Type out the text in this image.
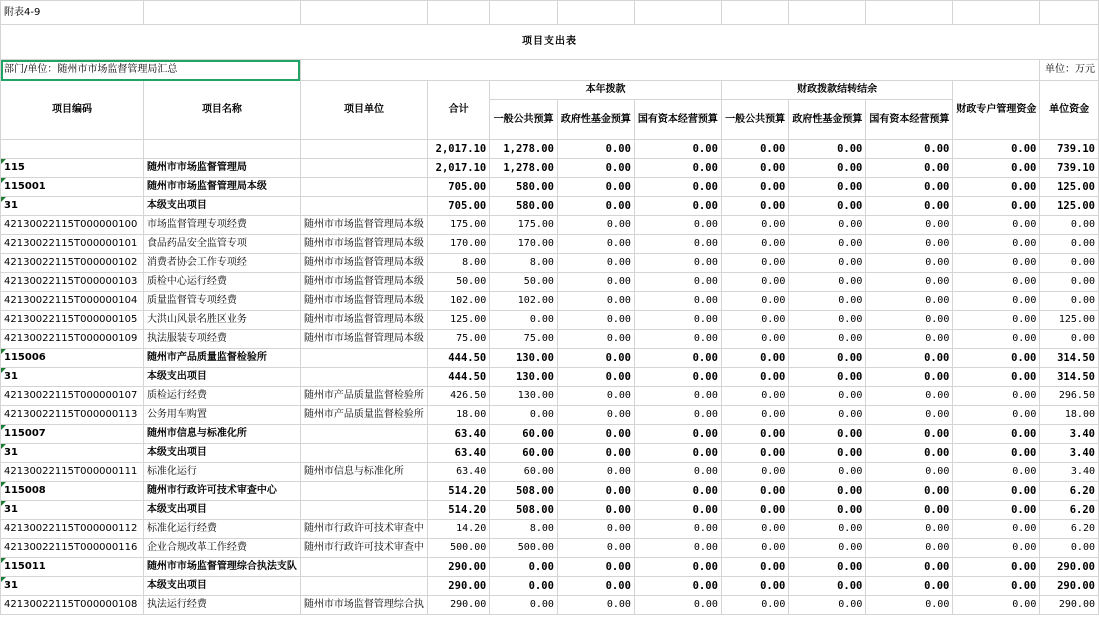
附表4-9											
项目支出表											
部门/单位：随州市市场监督管理局汇总											单位：万元
项目编码	项目名称	项目单位	合计	本年拨款			财政拨款结转结余			财政专户管理资金	单位资金
				一般公共预算	政府性基金预算	国有资本经营预算	一般公共预算	政府性基金预算	国有资本经营预算		
			2,017.10	1,278.00	0.00	0.00	0.00	0.00	0.00	0.00	739.10
115	随州市市场监督管理局		2,017.10	1,278.00	0.00	0.00	0.00	0.00	0.00	0.00	739.10
115001	随州市市场监督管理局本级		705.00	580.00	0.00	0.00	0.00	0.00	0.00	0.00	125.00
31	本级支出项目		705.00	580.00	0.00	0.00	0.00	0.00	0.00	0.00	125.00
42130022115T000000100	市场监督管理专项经费	随州市市场监督管理局本级	175.00	175.00	0.00	0.00	0.00	0.00	0.00	0.00	0.00
42130022115T000000101	食品药品安全监管专项	随州市市场监督管理局本级	170.00	170.00	0.00	0.00	0.00	0.00	0.00	0.00	0.00
42130022115T000000102	消费者协会工作专项经	随州市市场监督管理局本级	8.00	8.00	0.00	0.00	0.00	0.00	0.00	0.00	0.00
42130022115T000000103	质检中心运行经费	随州市市场监督管理局本级	50.00	50.00	0.00	0.00	0.00	0.00	0.00	0.00	0.00
42130022115T000000104	质量监督管专项经费	随州市市场监督管理局本级	102.00	102.00	0.00	0.00	0.00	0.00	0.00	0.00	0.00
42130022115T000000105	大洪山风景名胜区业务	随州市市场监督管理局本级	125.00	0.00	0.00	0.00	0.00	0.00	0.00	0.00	125.00
42130022115T000000109	执法服装专项经费	随州市市场监督管理局本级	75.00	75.00	0.00	0.00	0.00	0.00	0.00	0.00	0.00
115006	随州市产品质量监督检验所		444.50	130.00	0.00	0.00	0.00	0.00	0.00	0.00	314.50
31	本级支出项目		444.50	130.00	0.00	0.00	0.00	0.00	0.00	0.00	314.50
42130022115T000000107	质检运行经费	随州市产品质量监督检验所	426.50	130.00	0.00	0.00	0.00	0.00	0.00	0.00	296.50
42130022115T000000113	公务用车购置	随州市产品质量监督检验所	18.00	0.00	0.00	0.00	0.00	0.00	0.00	0.00	18.00
115007	随州市信息与标准化所		63.40	60.00	0.00	0.00	0.00	0.00	0.00	0.00	3.40
31	本级支出项目		63.40	60.00	0.00	0.00	0.00	0.00	0.00	0.00	3.40
42130022115T000000111	标准化运行	随州市信息与标准化所	63.40	60.00	0.00	0.00	0.00	0.00	0.00	0.00	3.40
115008	随州市行政许可技术审查中心		514.20	508.00	0.00	0.00	0.00	0.00	0.00	0.00	6.20
31	本级支出项目		514.20	508.00	0.00	0.00	0.00	0.00	0.00	0.00	6.20
42130022115T000000112	标准化运行经费	随州市行政许可技术审查中	14.20	8.00	0.00	0.00	0.00	0.00	0.00	0.00	6.20
42130022115T000000116	企业合规改革工作经费	随州市行政许可技术审查中	500.00	500.00	0.00	0.00	0.00	0.00	0.00	0.00	0.00
115011	随州市市场监督管理综合执法支队		290.00	0.00	0.00	0.00	0.00	0.00	0.00	0.00	290.00
31	本级支出项目		290.00	0.00	0.00	0.00	0.00	0.00	0.00	0.00	290.00
42130022115T000000108	执法运行经费	随州市市场监督管理综合执	290.00	0.00	0.00	0.00	0.00	0.00	0.00	0.00	290.00
